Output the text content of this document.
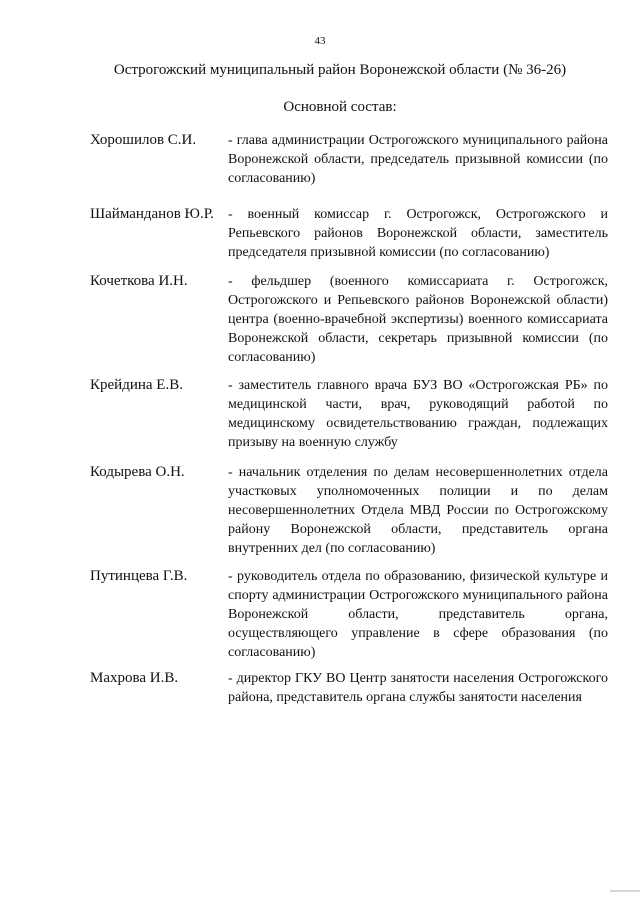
43
Острогожский муниципальный район Воронежской области (№ 36-26)
Основной состав:
Хорошилов С.И.	- глава администрации Острогожского муниципального района Воронежской области, председатель призывной комиссии (по согласованию)
Шайманданов Ю.Р.	- военный комиссар г. Острогожск, Острогожского и Репьевского районов Воронежской области, заместитель председателя призывной комиссии (по согласованию)
Кочеткова И.Н.	- фельдшер (военного комиссариата г. Острогожск, Острогожского и Репьевского районов Воронежской области) центра (военно-врачебной экспертизы) военного комиссариата Воронежской области, секретарь призывной комиссии (по согласованию)
Крейдина Е.В.	- заместитель главного врача БУЗ ВО «Острогожская РБ» по медицинской части, врач, руководящий работой по медицинскому освидетельствованию граждан, подлежащих призыву на военную службу
Кодырева О.Н.	- начальник отделения по делам несовершеннолетних отдела участковых уполномоченных полиции и по делам несовершеннолетних Отдела МВД России по Острогожскому району Воронежской области, представитель органа внутренних дел (по согласованию)
Путинцева Г.В.	- руководитель отдела по образованию, физической культуре и спорту администрации Острогожского муниципального района Воронежской области, представитель органа, осуществляющего управление в сфере образования (по согласованию)
Махрова И.В.	- директор ГКУ ВО Центр занятости населения Острогожского района, представитель органа службы занятости населения
